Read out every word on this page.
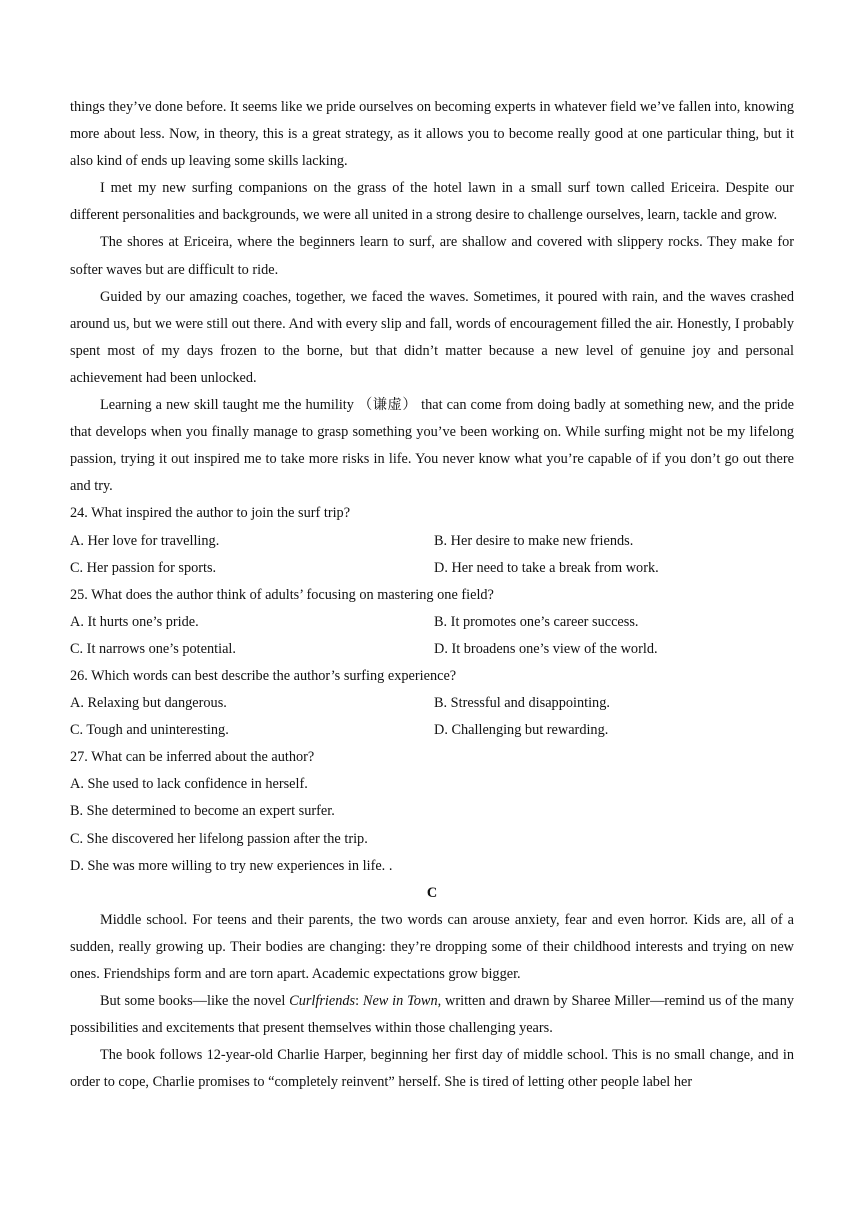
things they’ve done before. It seems like we pride ourselves on becoming experts in whatever field we’ve fallen into, knowing more about less. Now, in theory, this is a great strategy, as it allows you to become really good at one particular thing, but it also kind of ends up leaving some skills lacking.

I met my new surfing companions on the grass of the hotel lawn in a small surf town called Ericeira. Despite our different personalities and backgrounds, we were all united in a strong desire to challenge ourselves, learn, tackle and grow.

The shores at Ericeira, where the beginners learn to surf, are shallow and covered with slippery rocks. They make for softer waves but are difficult to ride.

Guided by our amazing coaches, together, we faced the waves. Sometimes, it poured with rain, and the waves crashed around us, but we were still out there. And with every slip and fall, words of encouragement filled the air. Honestly, I probably spent most of my days frozen to the borne, but that didn’t matter because a new level of genuine joy and personal achievement had been unlocked.

Learning a new skill taught me the humility （谦虚） that can come from doing badly at something new, and the pride that develops when you finally manage to grasp something you’ve been working on. While surfing might not be my lifelong passion, trying it out inspired me to take more risks in life. You never know what you’re capable of if you don’t go out there and try.

24. What inspired the author to join the surf trip?

A. Her love for travelling.	B. Her desire to make new friends.
C. Her passion for sports.	D. Her need to take a break from work.

25. What does the author think of adults’ focusing on mastering one field?

A. It hurts one’s pride.	B. It promotes one’s career success.
C. It narrows one’s potential.	D. It broadens one’s view of the world.

26. Which words can best describe the author’s surfing experience?

A. Relaxing but dangerous.	B. Stressful and disappointing.
C. Tough and uninteresting.	D. Challenging but rewarding.

27. What can be inferred about the author?

A. She used to lack confidence in herself.

B. She determined to become an expert surfer.

C. She discovered her lifelong passion after the trip.

D. She was more willing to try new experiences in life. .

C

Middle school. For teens and their parents, the two words can arouse anxiety, fear and even horror. Kids are, all of a sudden, really growing up. Their bodies are changing: they’re dropping some of their childhood interests and trying on new ones. Friendships form and are torn apart. Academic expectations grow bigger.

But some books—like the novel Curlfriends: New in Town, written and drawn by Sharee Miller—remind us of the many possibilities and excitements that present themselves within those challenging years.

The book follows 12-year-old Charlie Harper, beginning her first day of middle school. This is no small change, and in order to cope, Charlie promises to “completely reinvent” herself. She is tired of letting other people label her
